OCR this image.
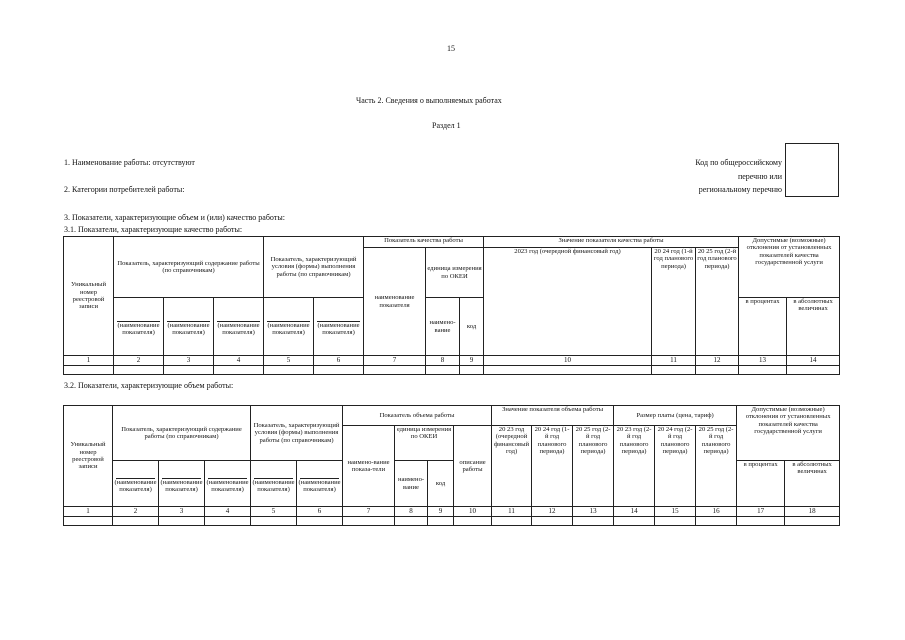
15
Часть 2. Сведения о выполняемых работах
Раздел 1
1. Наименование работы: отсутствуют
2. Категории потребителей работы:
Код по общероссийскому
перечню или
региональному перечню
3. Показатели, характеризующие объем и (или) качество работы:
3.1. Показатели, характеризующие качество работы:
Уникальный номер реестровой записи	Показатель, характеризующий содержание работы (по справочникам)			Показатель, характеризующий условия (формы) выполнения работы (по справочникам)		Показатель качества работы			Значение показателя качества работы			Допустимые (возможные) отклонения от установленных показателей качества государственной услуги	
						наименование показателя	единица измерения по ОКЕИ		2023 год (очередной финансовый год)	20 24 год (1-й год планового периода)	20 25 год (2-й год планового периода)		

(наименование показателя)	(наименование показателя)	(наименование показателя)	(наименование показателя)	(наименование показателя)		наимено-вание	код				в процентах	в абсолютных величинах
1	2	3	4	5	6	7	8	9	10	11	12	13	14

3.2. Показатели, характеризующие объем работы:
Уникальный номер реестровой записи	Показатель, характеризующий содержание работы (по справочникам)			Показатель, характеризующий условия (формы) выполнения работы (по справочникам)		Показатель объема работы				Значение показателя объема работы			Размер платы (цена, тариф)			Допустимые (возможные) отклонения от установленных показателей качества государственной услуги	
						наимено-вание показа-тели	единица измерения по ОКЕИ		описание работы	20 23 год (очередной финансовый год)	20 24 год (1-й год планового периода)	20 25 год (2-й год планового периода)	20 23 год (2-й год планового периода)	20 24 год (2-й год планового периода)	20 25 год (2-й год планового периода)		

(наименование показателя)	(наименование показателя)	(наименование показателя)	(наименование показателя)	(наименование показателя)		наимено-вание	код								в процентах	в абсолютных величинах
1	2	3	4	5	6	7	8	9	10	11	12	13	14	15	16	17	18
